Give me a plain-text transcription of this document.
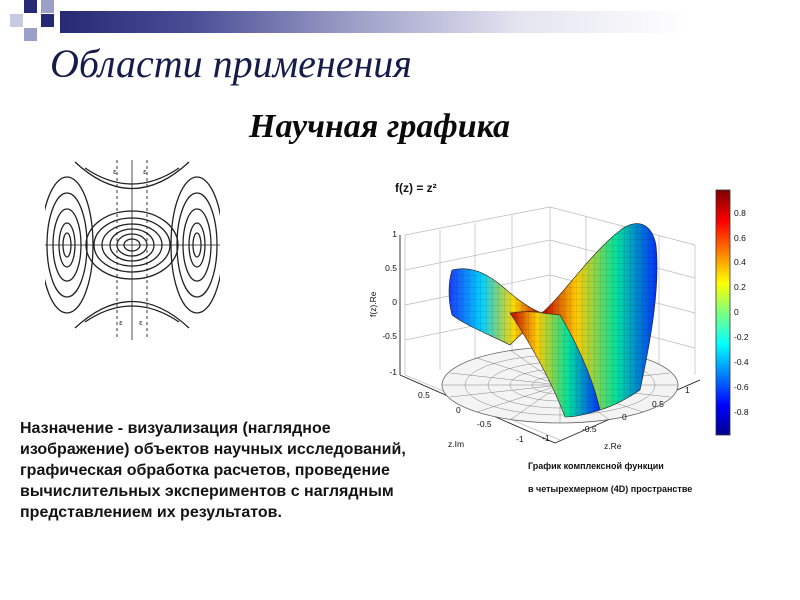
Области применения
Научная графика
ε	ε
ε ε
f(z) = z²
0.8
0.6
0.4
0.2
0
-0.2
-0.4
-0.6
-0.8
1
0.5
0
-0.5
-1
f(z).Re
0.5
0
-0.5
-1
z.Im
-1
-0.5
0
0.5
1
z.Re
График комплексной функции
в четырехмерном (4D) пространстве

Назначение - визуализация (наглядное изображение) объектов научных исследований, графическая обработка расчетов, проведение вычислительных экспериментов с наглядным представлением их результатов.
